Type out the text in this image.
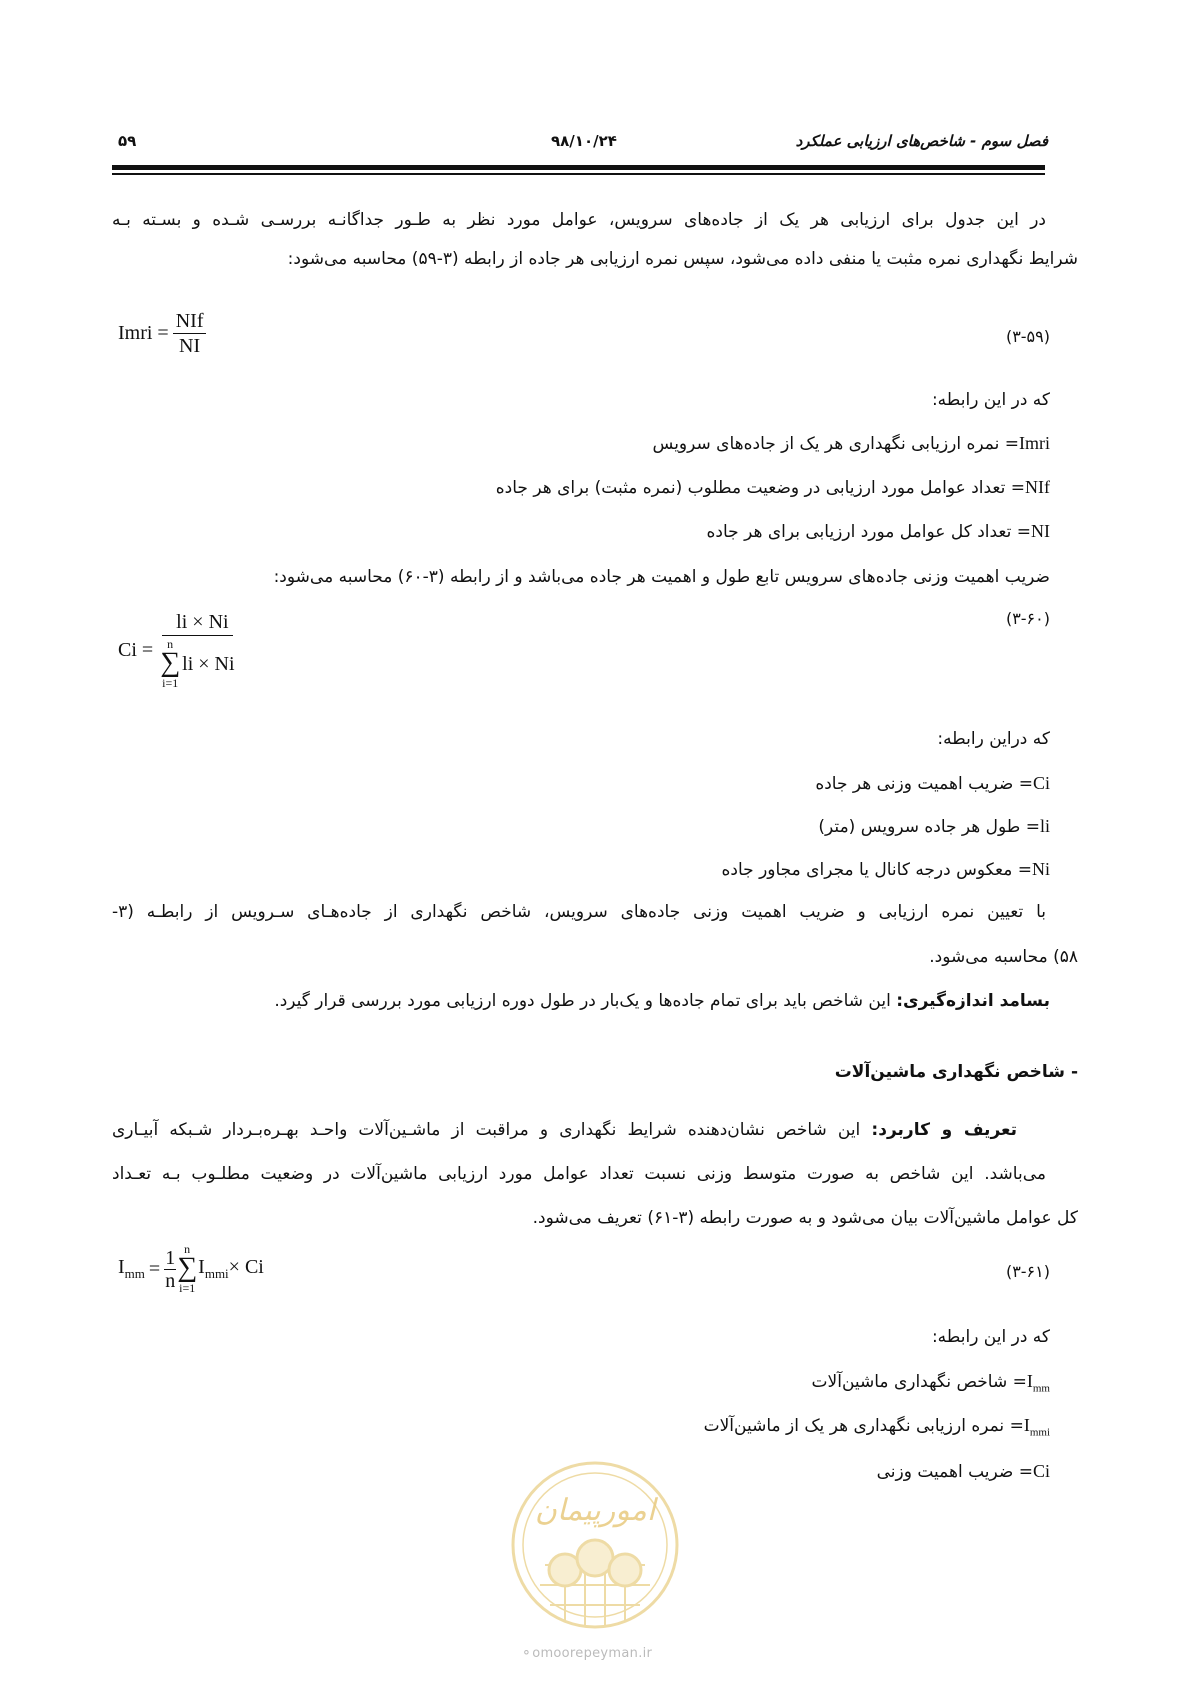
فصل سوم - شاخص‌های ارزیابی عملکرد
۹۸/۱۰/۲۴
۵۹
در این جدول برای ارزیابی هر یک از جاده‌های سرویس، عوامل مورد نظر به طـور جداگانـه بررسـی شـده و بسـته بـه
شرایط نگهداری نمره مثبت یا منفی داده می‌شود، سپس نمره ارزیابی هر جاده از رابطه (۳-۵۹) محاسبه می‌شود:
Imri = $\frac{\text{NIf}}{NI}$	(۳-۵۹)
که در این رابطه:
Imri= نمره ارزیابی نگهداری هر یک از جاده‌های سرویس
NIf= تعداد عوامل مورد ارزیابی در وضعیت مطلوب (نمره مثبت) برای هر جاده
NI= تعداد کل عوامل مورد ارزیابی برای هر جاده
ضریب اهمیت وزنی جاده‌های سرویس تابع طول و اهمیت هر جاده می‌باشد و از رابطه (۳-۶۰) محاسبه می‌شود:
Ci = li × Ni
n
∑
i=1
li × Ni	(۳-۶۰)
که دراین رابطه:
Ci= ضریب اهمیت وزنی هر جاده
li= طول هر جاده سرویس (متر)
Ni= معکوس درجه کانال یا مجرای مجاور جاده
با تعیین نمره ارزیابی و ضریب اهمیت وزنی جاده‌های سرویس، شاخص نگهداری از جاده‌هـای سـرویس از رابطـه (۳-
۵۸) محاسبه می‌شود.
بسامد اندازه‌گیری: این شاخص باید برای تمام جاده‌ها و یک‌بار در طول دوره ارزیابی مورد بررسی قرار گیرد.
- شاخص نگهداری ماشین‌آلات
تعریف و کاربرد: این شاخص نشان‌دهنده شرایط نگهداری و مراقبت از ماشـین‌آلات واحـد بهـره‌بـردار شـبکه آبیـاری
می‌باشد. این شاخص به صورت متوسط وزنی نسبت تعداد عوامل مورد ارزیابی ماشین‌آلات در وضعیت مطلـوب بـه تعـداد
کل عوامل ماشین‌آلات بیان می‌شود و به صورت رابطه (۳-۶۱) تعریف می‌شود.
$I_{mm} = \frac{1}{n}$ n
∑
i=1
$I_{mmi}\times Ci$	(۳-۶۱)
که در این رابطه:
$I_{mm}=$ شاخص نگهداری ماشین‌آلات
$I_{mmi}=$ نمره ارزیابی نگهداری هر یک از ماشین‌آلات
Ci= ضریب اهمیت وزنی
امورپیمان
⚬omoorepeyman.ir
